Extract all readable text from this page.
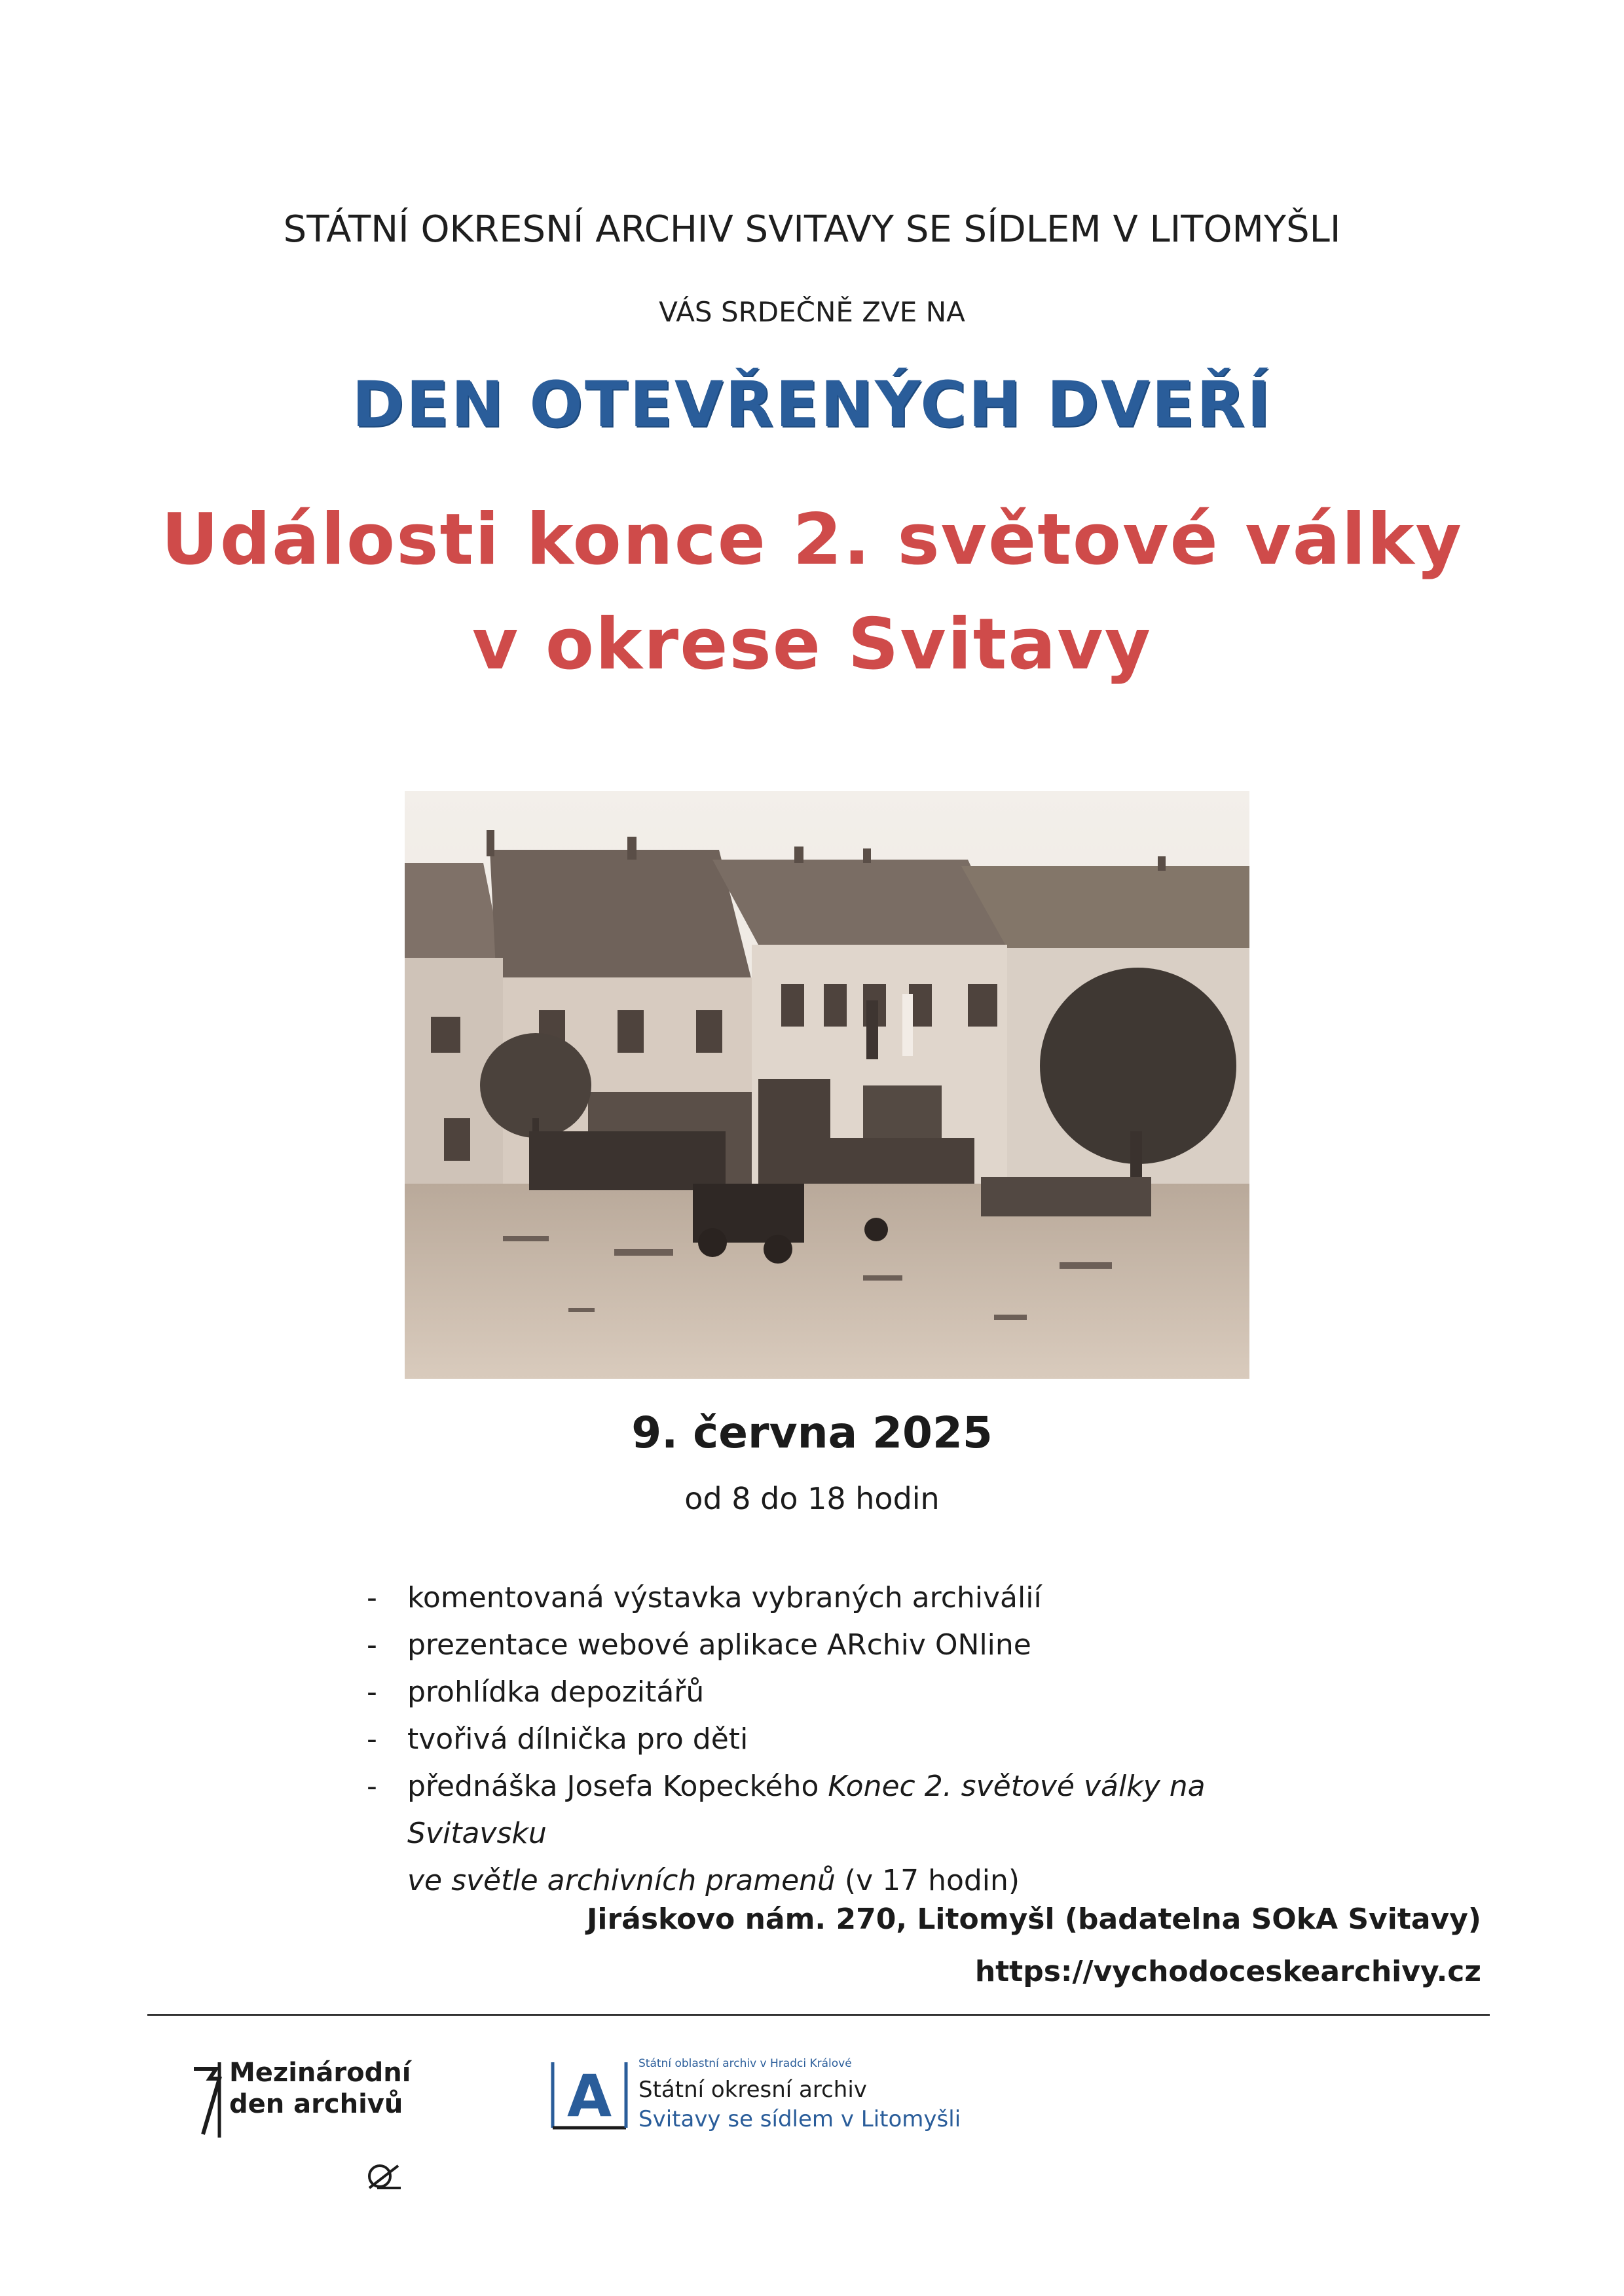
STÁTNÍ OKRESNÍ ARCHIV SVITAVY SE SÍDLEM V LITOMYŠLI
VÁS SRDEČNĚ ZVE NA
DEN OTEVŘENÝCH DVEŘÍ
Události konce 2. světové války
v okrese Svitavy
9. června 2025
od 8 do 18 hodin
- komentovaná výstavka vybraných archiválií
- prezentace webové aplikace ARchiv ONline
- prohlídka depozitářů
- tvořivá dílnička pro děti
- přednáška Josefa Kopeckého Konec 2. světové války na Svitavsku
ve světle archivních pramenů (v 17 hodin)
Jiráskovo nám. 270, Litomyšl (badatelna SOkA Svitavy)
https://vychodoceskearchivy.cz
Mezinárodní
den archivů	A Státní oblastní archiv v Hradci Králové
Státní okresní archiv
Svitavy se sídlem v Litomyšli
